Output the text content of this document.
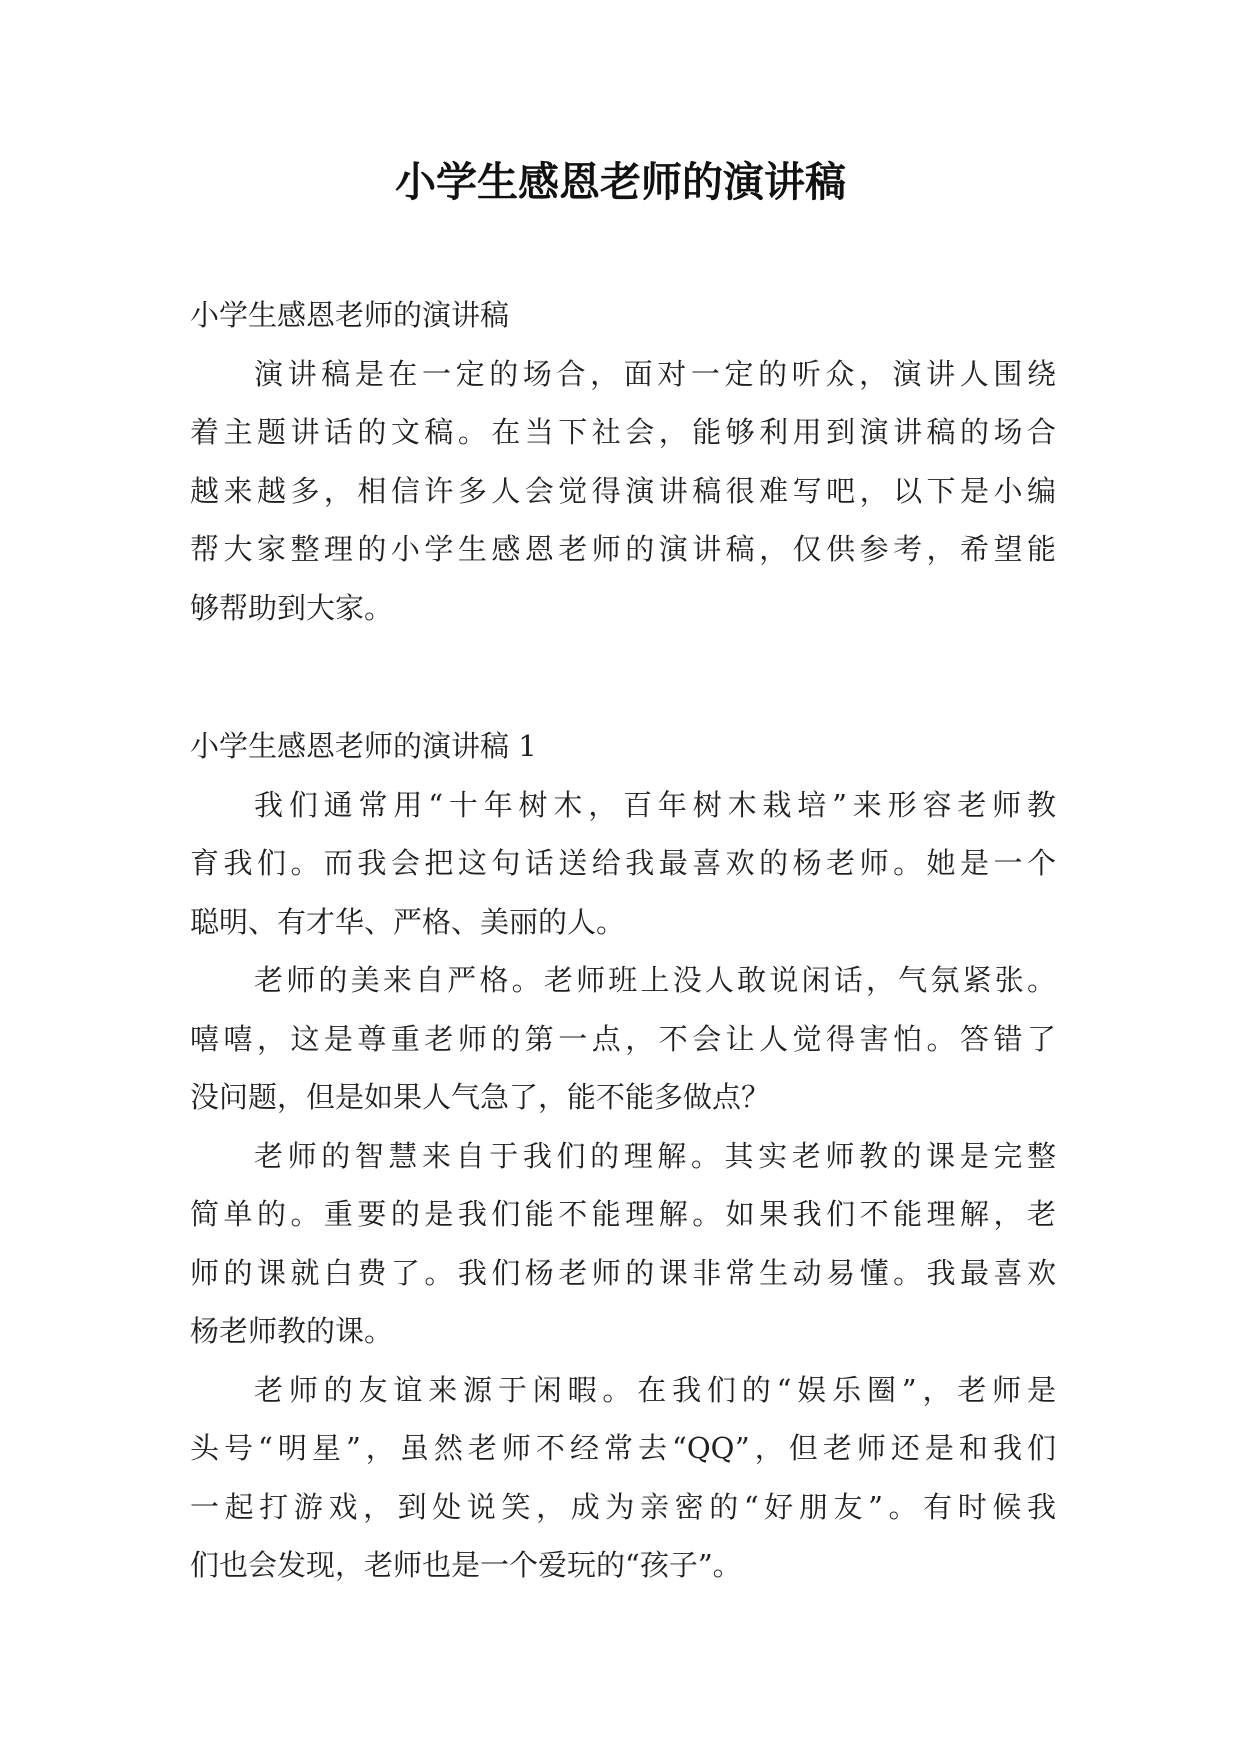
小学生感恩老师的演讲稿

小学生感恩老师的演讲稿

演讲稿是在一定的场合，面对一定的听众，演讲人围绕

着主题讲话的文稿。在当下社会，能够利用到演讲稿的场合

越来越多，相信许多人会觉得演讲稿很难写吧，以下是小编

帮大家整理的小学生感恩老师的演讲稿，仅供参考，希望能

够帮助到大家。

小学生感恩老师的演讲稿 1

我们通常用“十年树木，百年树木栽培”来形容老师教

育我们。而我会把这句话送给我最喜欢的杨老师。她是一个

聪明、有才华、严格、美丽的人。

老师的美来自严格。老师班上没人敢说闲话，气氛紧张。

嘻嘻，这是尊重老师的第一点，不会让人觉得害怕。答错了

没问题，但是如果人气急了，能不能多做点？

老师的智慧来自于我们的理解。其实老师教的课是完整

简单的。重要的是我们能不能理解。如果我们不能理解，老

师的课就白费了。我们杨老师的课非常生动易懂。我最喜欢

杨老师教的课。

老师的友谊来源于闲暇。在我们的“娱乐圈”，老师是

头号“明星”，虽然老师不经常去“QQ”，但老师还是和我们

一起打游戏，到处说笑，成为亲密的“好朋友”。有时候我

们也会发现，老师也是一个爱玩的“孩子”。
